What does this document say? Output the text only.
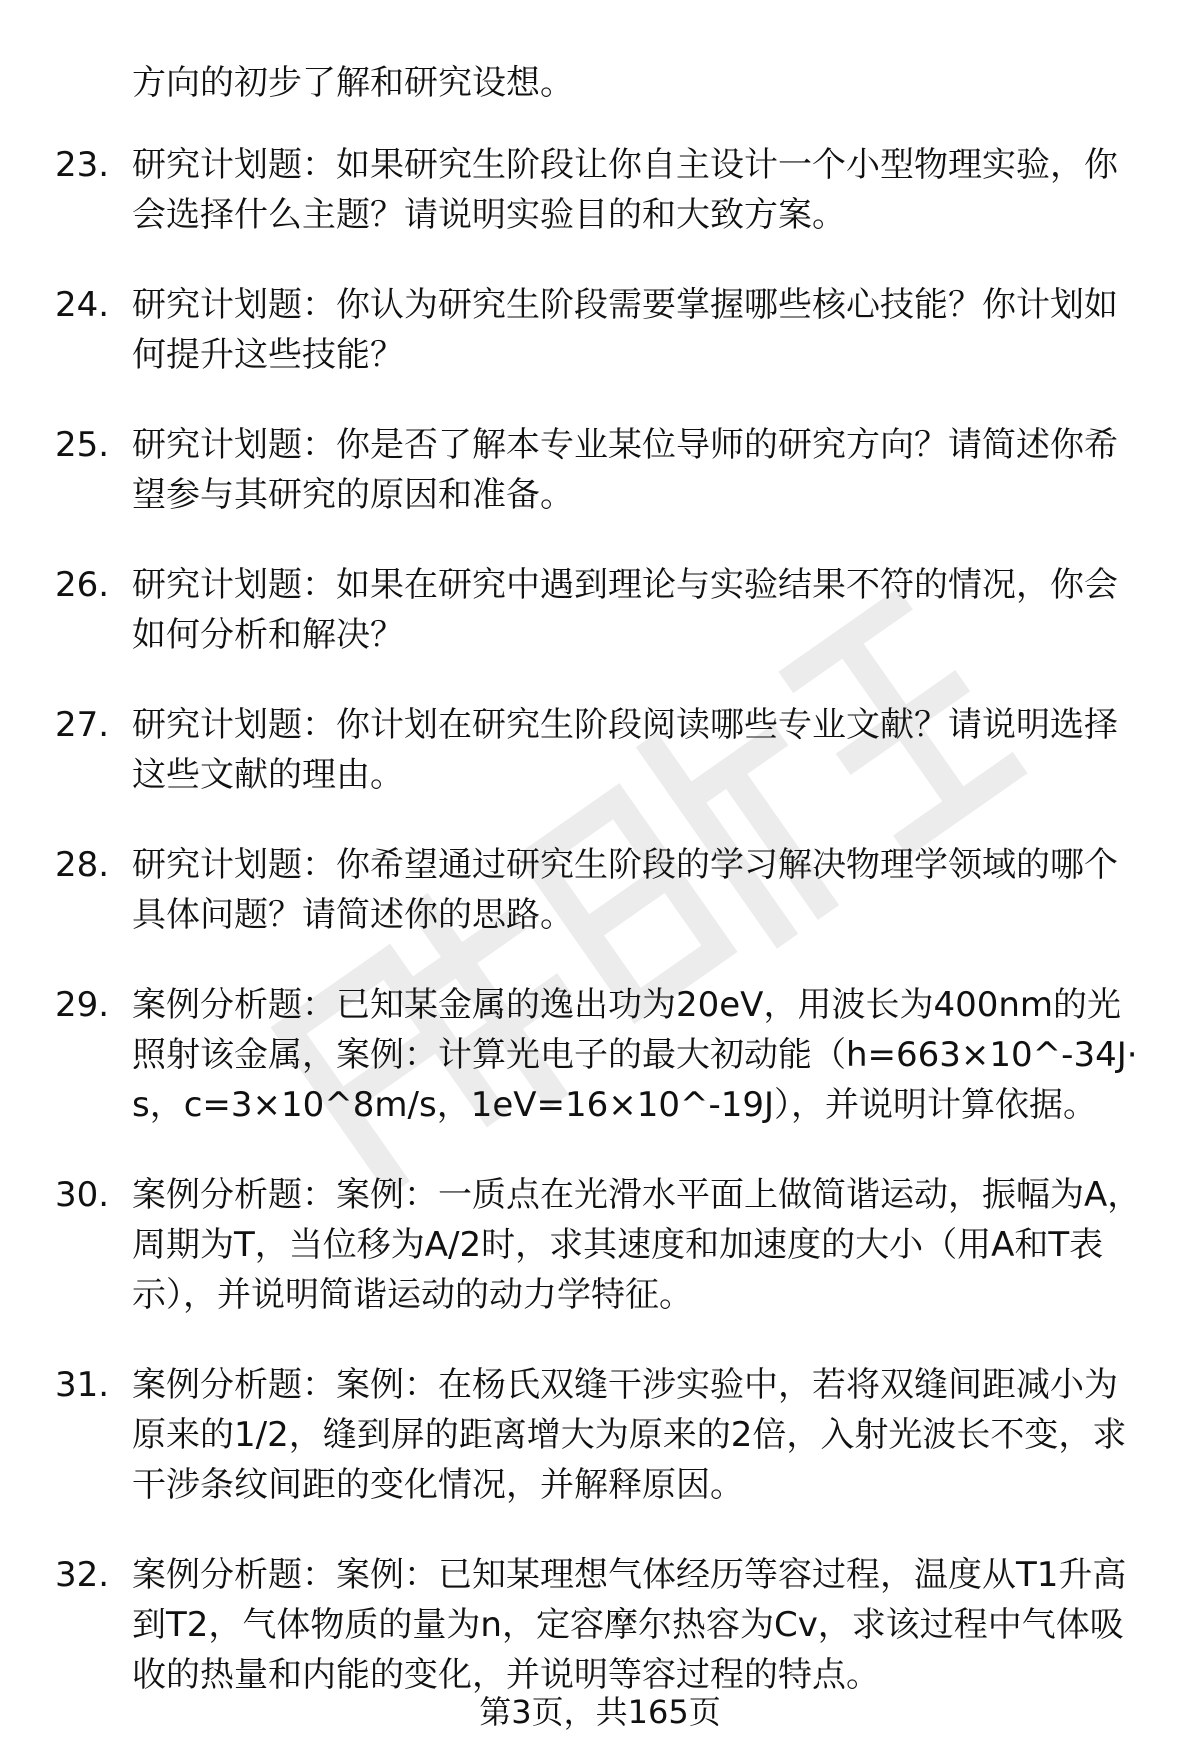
方向的初步了解和研究设想。

23. 研究计划题：如果研究生阶段让你自主设计一个小型物理实验，你会选择什么主题？请说明实验目的和大致方案。
24. 研究计划题：你认为研究生阶段需要掌握哪些核心技能？你计划如何提升这些技能？
25. 研究计划题：你是否了解本专业某位导师的研究方向？请简述你希望参与其研究的原因和准备。
26. 研究计划题：如果在研究中遇到理论与实验结果不符的情况，你会如何分析和解决？
27. 研究计划题：你计划在研究生阶段阅读哪些专业文献？请说明选择这些文献的理由。
28. 研究计划题：你希望通过研究生阶段的学习解决物理学领域的哪个具体问题？请简述你的思路。
29. 案例分析题：已知某金属的逸出功为20eV，用波长为400nm的光照射该金属，案例：计算光电子的最大初动能（h=663×10^-34J·s，c=3×10^8m/s，1eV=16×10^-19J），并说明计算依据。
30. 案例分析题：案例：一质点在光滑水平面上做简谐运动，振幅为A，周期为T，当位移为A/2时，求其速度和加速度的大小（用A和T表示），并说明简谐运动的动力学特征。
31. 案例分析题：案例：在杨氏双缝干涉实验中，若将双缝间距减小为原来的1/2，缝到屏的距离增大为原来的2倍，入射光波长不变，求干涉条纹间距的变化情况，并解释原因。
32. 案例分析题：案例：已知某理想气体经历等容过程，温度从T1升高到T2，气体物质的量为n，定容摩尔热容为Cv，求该过程中气体吸收的热量和内能的变化，并说明等容过程的特点。
第3页，共165页
